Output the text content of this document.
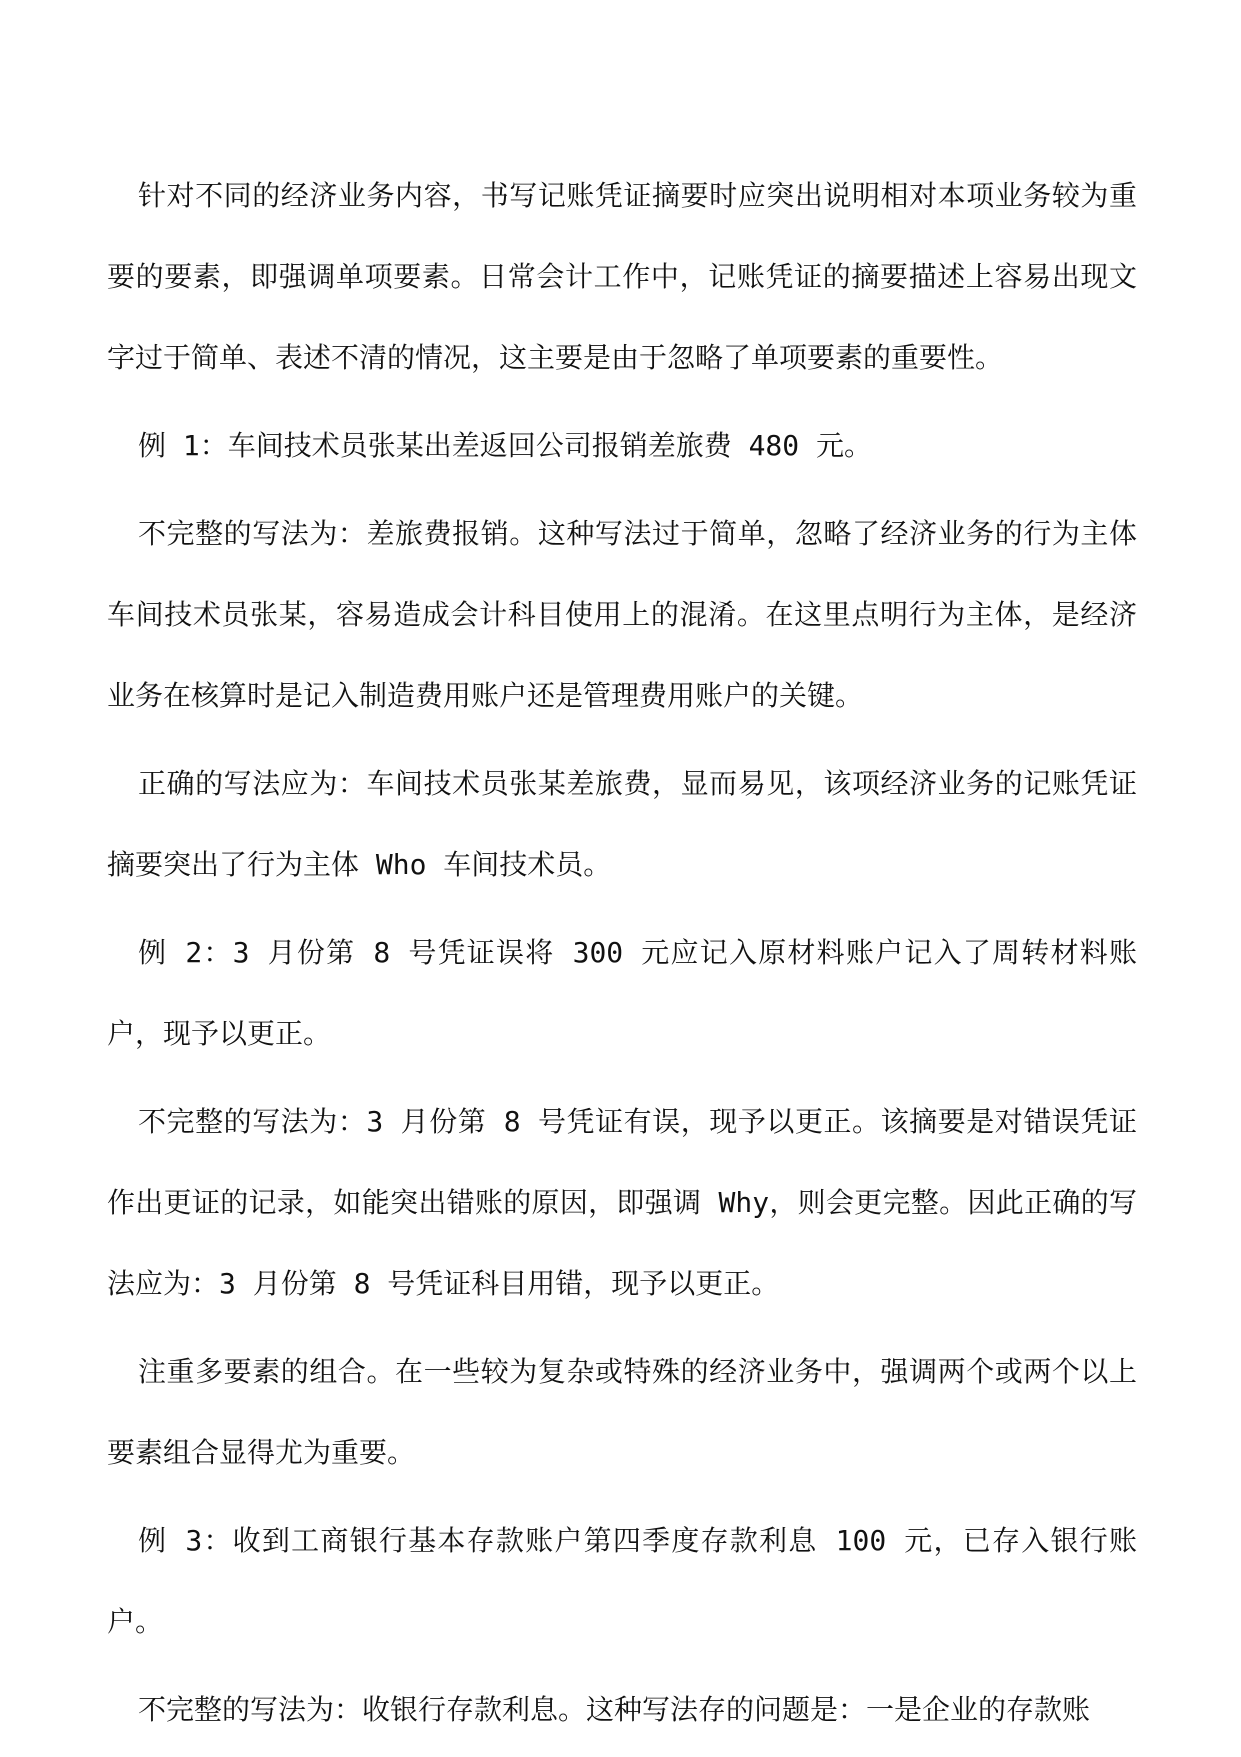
针对不同的经济业务内容，书写记账凭证摘要时应突出说明相对本项业务较为重要的要素，即强调单项要素。日常会计工作中，记账凭证的摘要描述上容易出现文字过于简单、表述不清的情况，这主要是由于忽略了单项要素的重要性。

例 1：车间技术员张某出差返回公司报销差旅费 480 元。

不完整的写法为：差旅费报销。这种写法过于简单，忽略了经济业务的行为主体车间技术员张某，容易造成会计科目使用上的混淆。在这里点明行为主体，是经济业务在核算时是记入制造费用账户还是管理费用账户的关键。

正确的写法应为：车间技术员张某差旅费，显而易见，该项经济业务的记账凭证摘要突出了行为主体 Who 车间技术员。

例 2：3 月份第 8 号凭证误将 300 元应记入原材料账户记入了周转材料账户，现予以更正。

不完整的写法为：3 月份第 8 号凭证有误，现予以更正。该摘要是对错误凭证作出更证的记录，如能突出错账的原因，即强调 Why，则会更完整。因此正确的写法应为：3 月份第 8 号凭证科目用错，现予以更正。

注重多要素的组合。在一些较为复杂或特殊的经济业务中，强调两个或两个以上要素组合显得尤为重要。

例 3：收到工商银行基本存款账户第四季度存款利息 100 元，已存入银行账户。

不完整的写法为：收银行存款利息。这种写法存的问题是：一是企业的存款账
